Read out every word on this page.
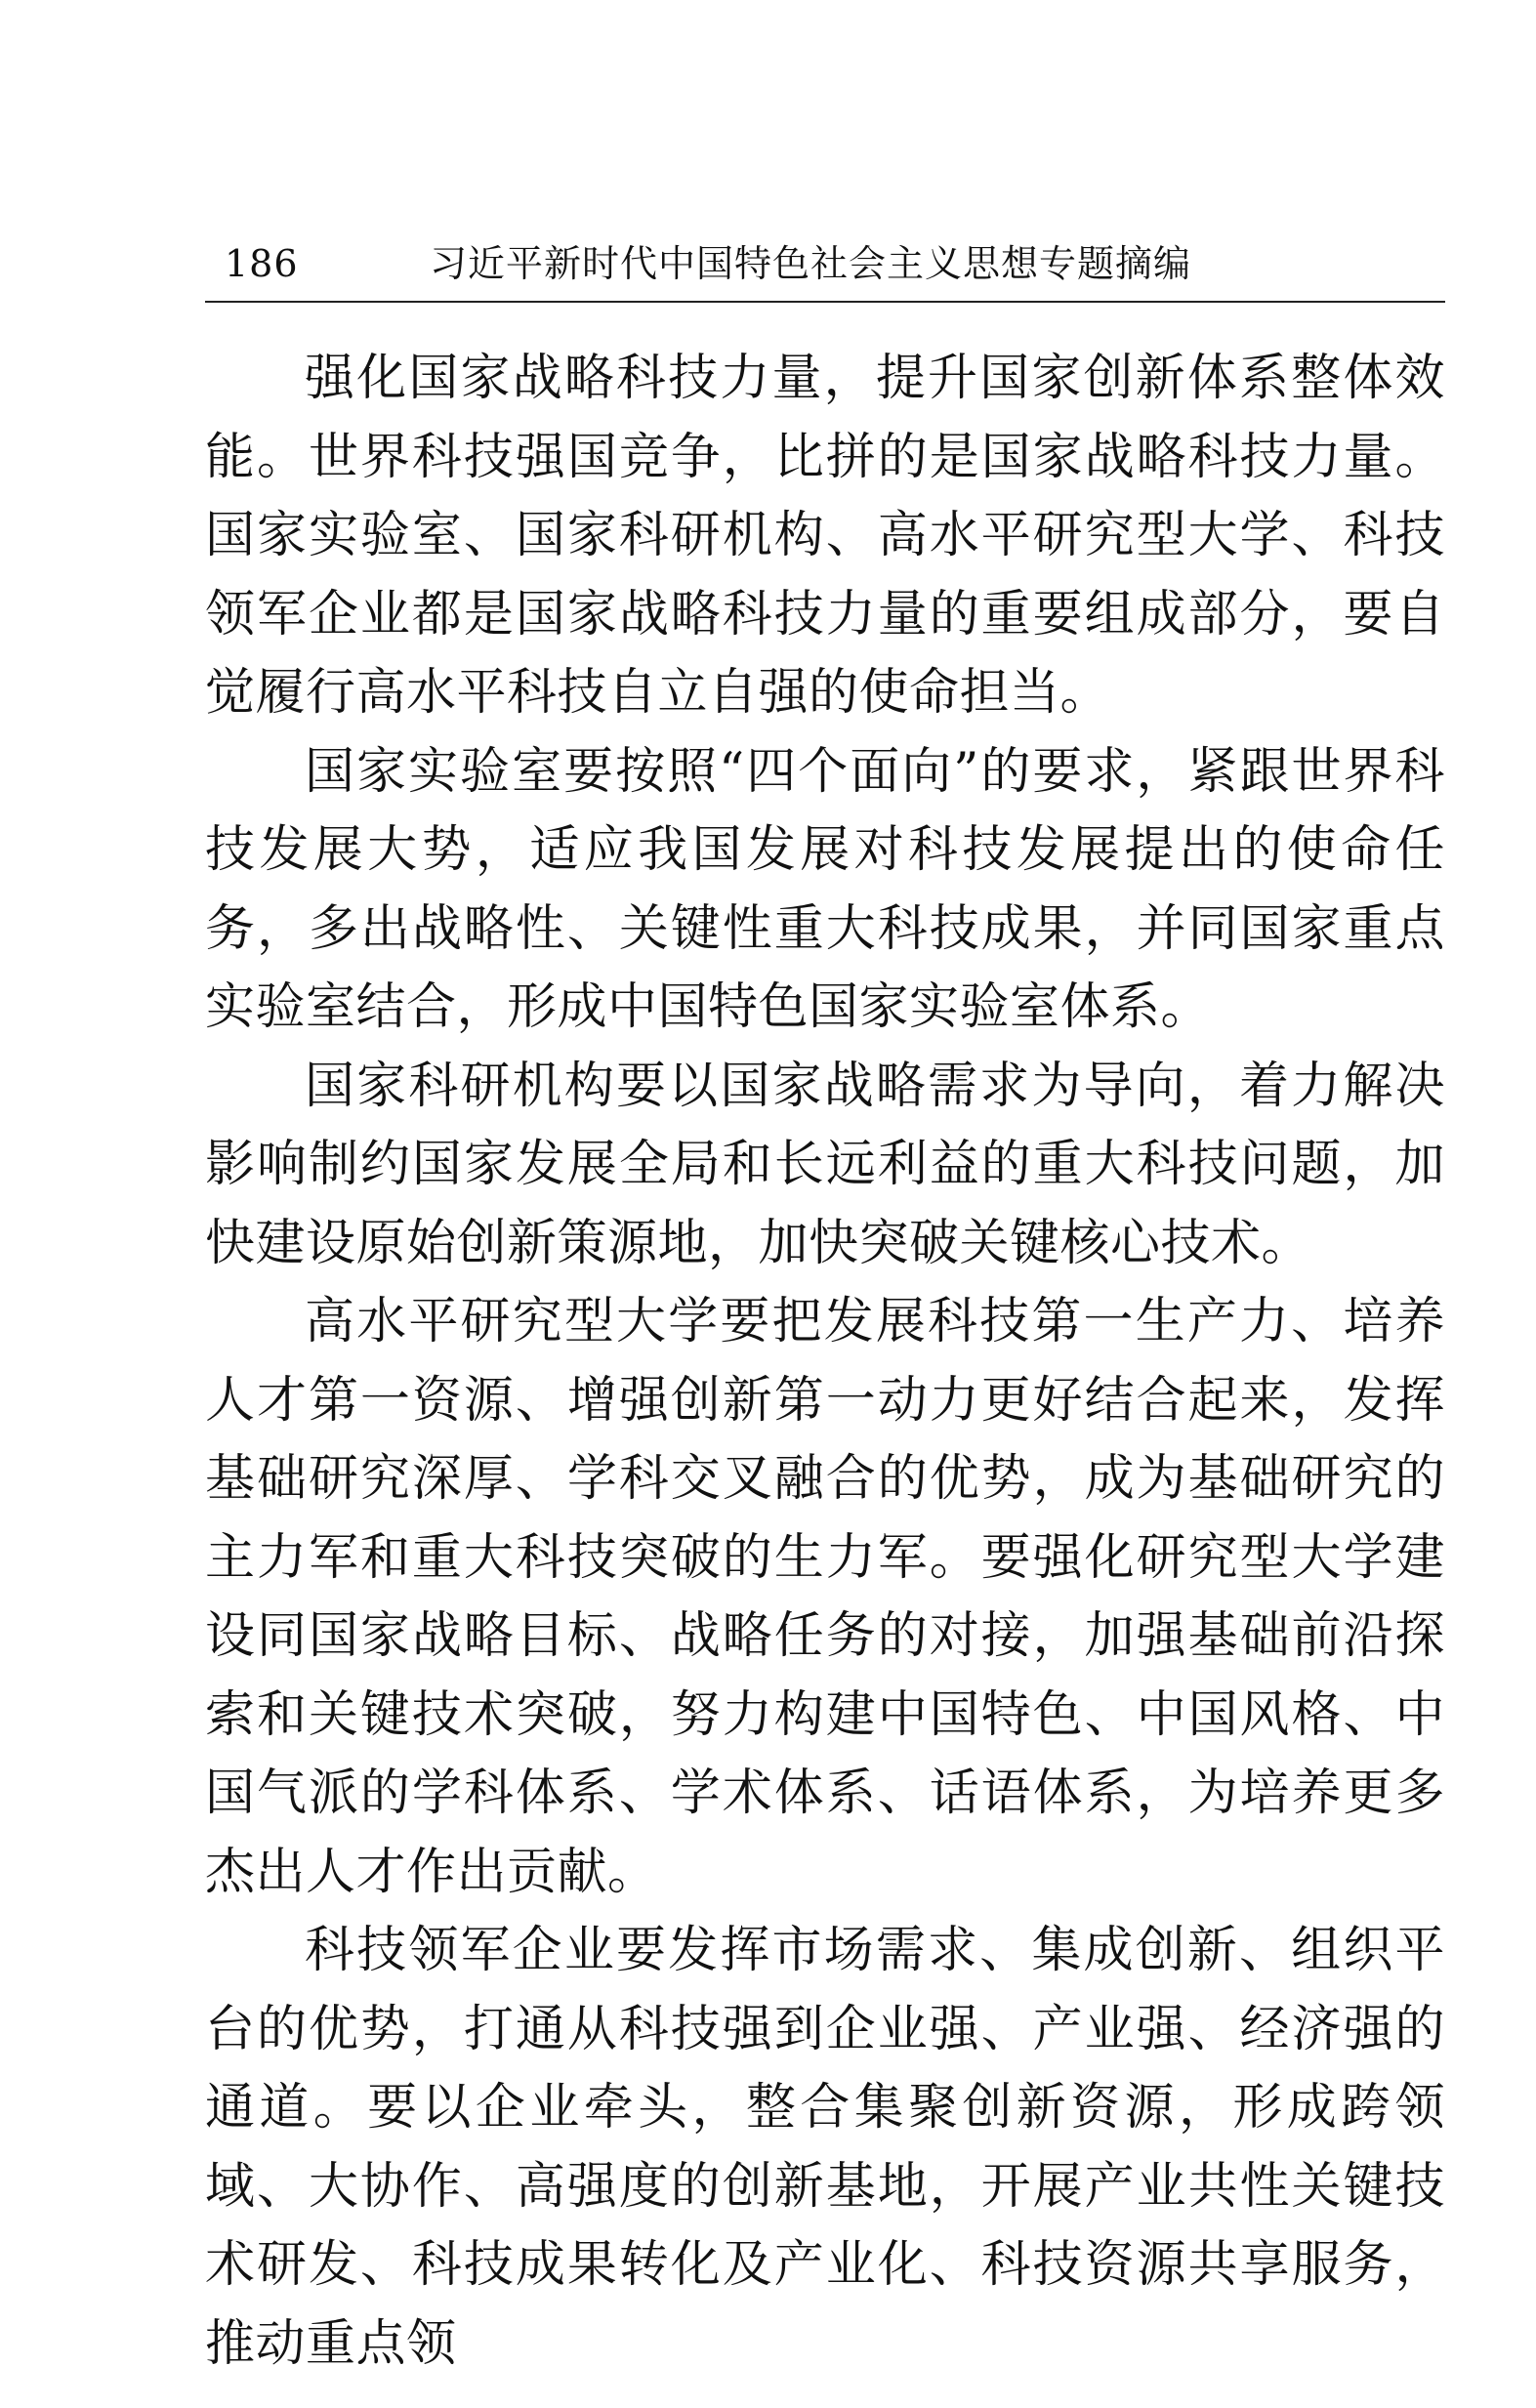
186	习近平新时代中国特色社会主义思想专题摘编

强化国家战略科技力量，提升国家创新体系整体效能。世界科技强国竞争，比拼的是国家战略科技力量。国家实验室、国家科研机构、高水平研究型大学、科技领军企业都是国家战略科技力量的重要组成部分，要自觉履行高水平科技自立自强的使命担当。

国家实验室要按照“四个面向”的要求，紧跟世界科技发展大势，适应我国发展对科技发展提出的使命任务，多出战略性、关键性重大科技成果，并同国家重点实验室结合，形成中国特色国家实验室体系。

国家科研机构要以国家战略需求为导向，着力解决影响制约国家发展全局和长远利益的重大科技问题，加快建设原始创新策源地，加快突破关键核心技术。

高水平研究型大学要把发展科技第一生产力、培养人才第一资源、增强创新第一动力更好结合起来，发挥基础研究深厚、学科交叉融合的优势，成为基础研究的主力军和重大科技突破的生力军。要强化研究型大学建设同国家战略目标、战略任务的对接，加强基础前沿探索和关键技术突破，努力构建中国特色、中国风格、中国气派的学科体系、学术体系、话语体系，为培养更多杰出人才作出贡献。

科技领军企业要发挥市场需求、集成创新、组织平台的优势，打通从科技强到企业强、产业强、经济强的通道。要以企业牵头，整合集聚创新资源，形成跨领域、大协作、高强度的创新基地，开展产业共性关键技术研发、科技成果转化及产业化、科技资源共享服务，推动重点领
